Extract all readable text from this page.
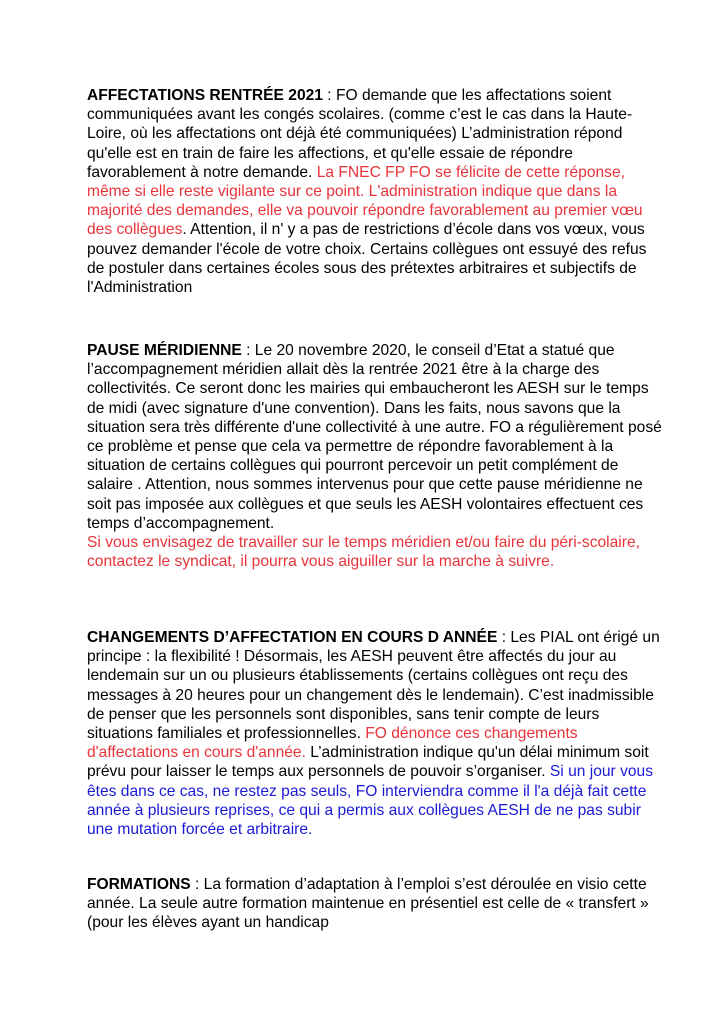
AFFECTATIONS RENTRÉE 2021 : FO demande que les affectations soient communiquées avant les congés scolaires. (comme c’est le cas dans la Haute-Loire, où les affectations ont déjà été communiquées) L’administration répond qu'elle est en train de faire les affections, et qu'elle essaie de répondre favorablement à notre demande. La FNEC FP FO se félicite de cette réponse, même si elle reste vigilante sur ce point. L'administration indique que dans la majorité des demandes, elle va pouvoir répondre favorablement au premier vœu des collègues. Attention, il n' y a pas de restrictions d’école dans vos vœux, vous pouvez demander l'école de votre choix. Certains collègues ont essuyé des refus de postuler dans certaines écoles sous des prétextes arbitraires et subjectifs de l'Administration

PAUSE MÉRIDIENNE : Le 20 novembre 2020, le conseil d’Etat a statué que l’accompagnement méridien allait dès la rentrée 2021 être à la charge des collectivités. Ce seront donc les mairies qui embaucheront les AESH sur le temps de midi (avec signature d'une convention). Dans les faits, nous savons que la situation sera très différente d'une collectivité à une autre. FO a régulièrement posé ce problème et pense que cela va permettre de répondre favorablement à la situation de certains collègues qui pourront percevoir un petit complément de salaire . Attention, nous sommes intervenus pour que cette pause méridienne ne soit pas imposée aux collègues et que seuls les AESH volontaires effectuent ces temps d’accompagnement.
Si vous envisagez de travailler sur le temps méridien et/ou faire du péri-scolaire, contactez le syndicat, il pourra vous aiguiller sur la marche à suivre.

CHANGEMENTS D’AFFECTATION EN COURS D ANNÉE : Les PIAL ont érigé un principe : la flexibilité ! Désormais, les AESH peuvent être affectés du jour au lendemain sur un ou plusieurs établissements (certains collègues ont reçu des messages à 20 heures pour un changement dès le lendemain). C’est inadmissible de penser que les personnels sont disponibles, sans tenir compte de leurs situations familiales et professionnelles. FO dénonce ces changements d'affectations en cours d'année. L’administration indique qu'un délai minimum soit prévu pour laisser le temps aux personnels de pouvoir s’organiser. Si un jour vous êtes dans ce cas, ne restez pas seuls, FO interviendra comme il l'a déjà fait cette année à plusieurs reprises, ce qui a permis aux collègues AESH de ne pas subir une mutation forcée et arbitraire.

FORMATIONS : La formation d’adaptation à l’emploi s’est déroulée en visio cette année. La seule autre formation maintenue en présentiel est celle de « transfert » (pour les élèves ayant un handicap
